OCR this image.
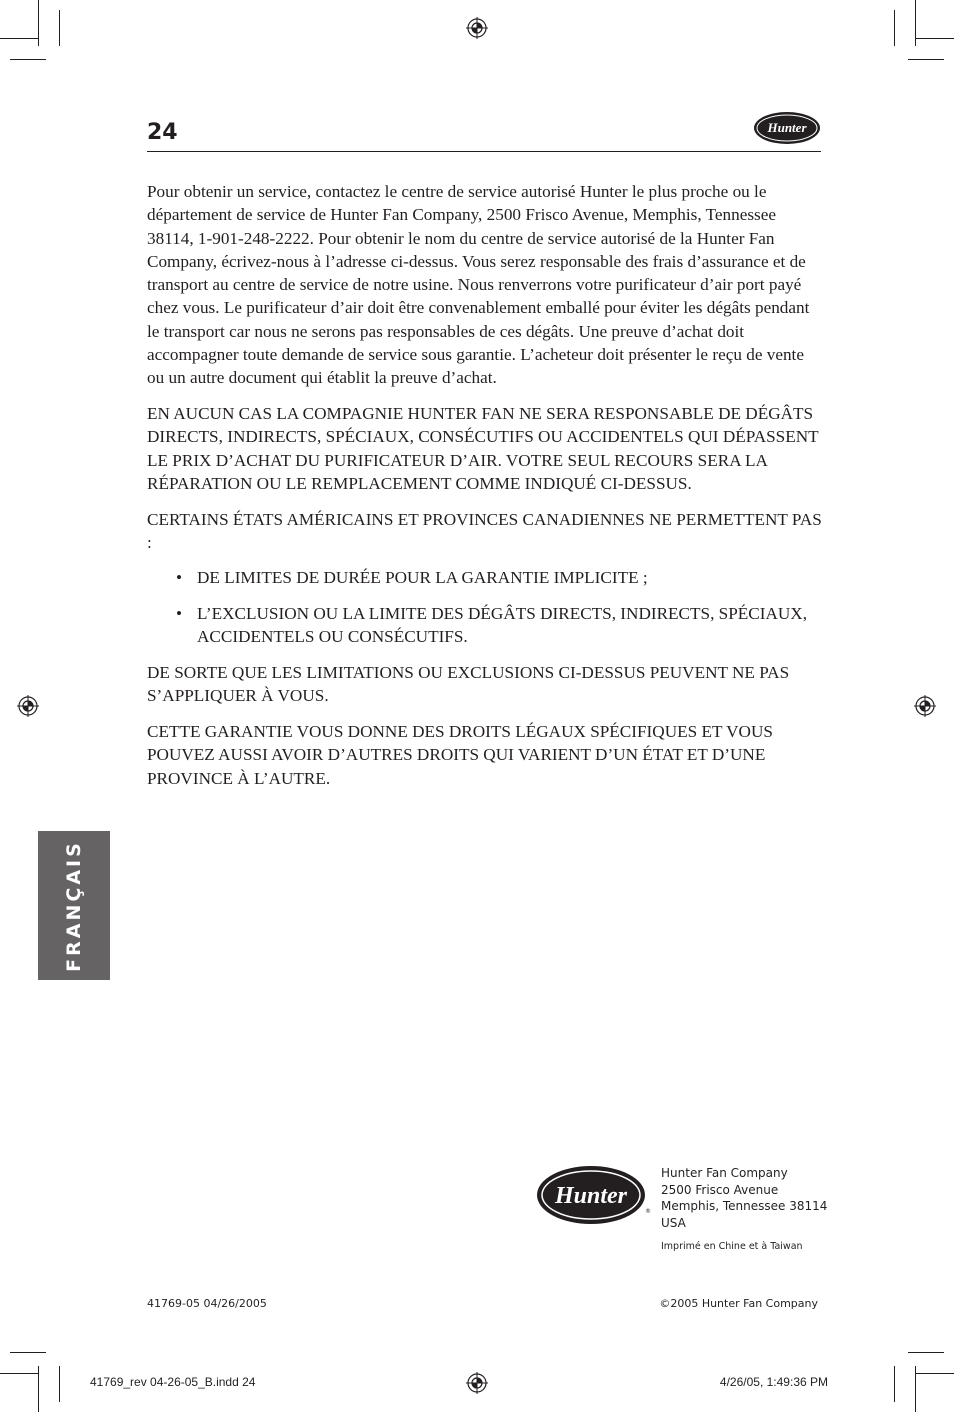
24	Hunter

Pour obtenir un service, contactez le centre de service autorisé Hunter le plus proche ou le département de service de Hunter Fan Company, 2500 Frisco Avenue, Memphis, Tennessee 38114, 1-901-248-2222. Pour obtenir le nom du centre de service autorisé de la Hunter Fan Company, écrivez-nous à l’adresse ci-dessus. Vous serez responsable des frais d’assurance et de transport au centre de service de notre usine. Nous renverrons votre purificateur d’air port payé chez vous. Le purificateur d’air doit être convenablement emballé pour éviter les dégâts pendant le transport car nous ne serons pas responsables de ces dégâts. Une preuve d’achat doit accompagner toute demande de service sous garantie. L’acheteur doit présenter le reçu de vente ou un autre document qui établit la preuve d’achat.

EN AUCUN CAS LA COMPAGNIE HUNTER FAN NE SERA RESPONSABLE DE DÉGÂTS DIRECTS, INDIRECTS, SPÉCIAUX, CONSÉCUTIFS OU ACCIDENTELS QUI DÉPASSENT LE PRIX D’ACHAT DU PURIFICATEUR D’AIR. VOTRE SEUL RECOURS SERA LA RÉPARATION OU LE REMPLACEMENT COMME INDIQUÉ CI-DESSUS.

CERTAINS ÉTATS AMÉRICAINS ET PROVINCES CANADIENNES NE PERMETTENT PAS :

• DE LIMITES DE DURÉE POUR LA GARANTIE IMPLICITE ;
• L’EXCLUSION OU LA LIMITE DES DÉGÂTS DIRECTS, INDIRECTS, SPÉCIAUX, ACCIDENTELS OU CONSÉCUTIFS.

DE SORTE QUE LES LIMITATIONS OU EXCLUSIONS CI-DESSUS PEUVENT NE PAS S’APPLIQUER À VOUS.

CETTE GARANTIE VOUS DONNE DES DROITS LÉGAUX SPÉCIFIQUES ET VOUS POUVEZ AUSSI AVOIR D’AUTRES DROITS QUI VARIENT D’UN ÉTAT ET D’UNE PROVINCE À L’AUTRE.

FRANÇAIS
Hunter
®
Hunter Fan Company
2500 Frisco Avenue
Memphis, Tennessee 38114
USA
Imprimé en Chine et à Taiwan
41769-05 04/26/2005	©2005 Hunter Fan Company
41769_rev 04-26-05_B.indd 24	4/26/05, 1:49:36 PM
